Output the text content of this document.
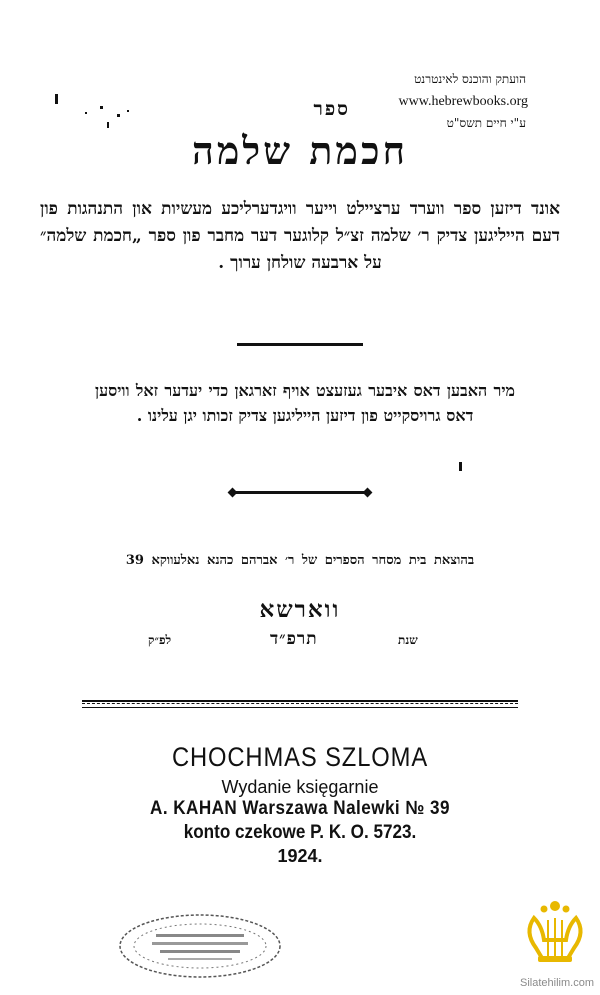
הועתק והוכנס לאינטרנט
www.hebrewbooks.org
ע"י חיים תשס"ט
ספר
חכמת שלמה
אונד דיזען ספר ווערד ערציילט וייער וויגדערליכע מעשיות און התנהגות פון דעם הייליגען צדיק ר׳ שלמה זצ״ל קלוגער דער מחבר פון ספר „חכמת שלמה״ על ארבעה שולחן ערוך .
מיר האבען דאס איבער געזעצט אויף זארגאן כדי יעדער זאל וויסען דאס גרויסקייט פון דיזען הייליגען צדיק זכותו יגן עלינו .
בהוצאת בית מסחר הספרים של ר׳ אברהם כהנא נאלעווקא 39
ווארשא
שנת
תרפ״ד
לפ״ק
CHOCHMAS SZLOMA
Wydanie księgarnie
A. KAHAN Warszawa Nalewki № 39
konto czekowe P. K. O. 5723.
1924.
Silatehilim.com
